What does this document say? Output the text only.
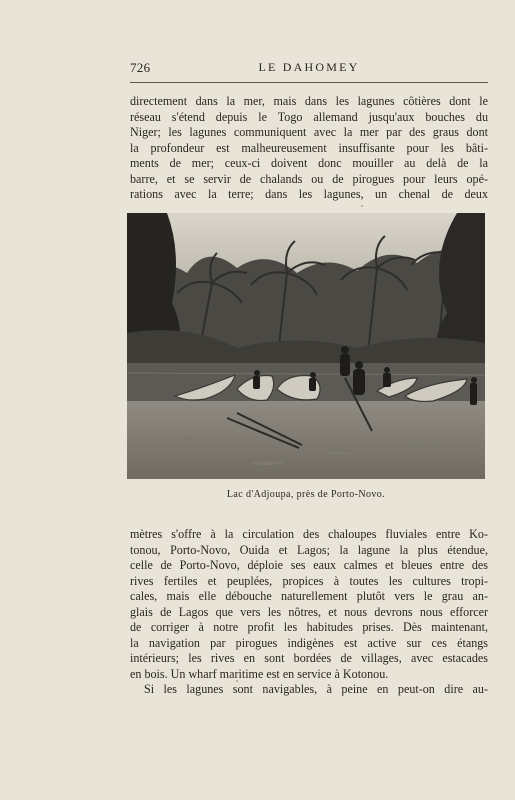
726	LE DAHOMEY
directement dans la mer, mais dans les lagunes côtières dont le
réseau s'étend depuis le Togo allemand jusqu'aux bouches du
Niger; les lagunes communiquent avec la mer par des graus dont
la profondeur est malheureusement insuffisante pour les bâti-
ments de mer; ceux-ci doivent donc mouiller au delà de la
barre, et se servir de chalands ou de pirogues pour leurs opé-
rations avec la terre; dans les lagunes, un chenal de deux
Lac d'Adjoupa, près de Porto-Novo.
mètres s'offre à la circulation des chaloupes fluviales entre Ko-
tonou, Porto-Novo, Ouida et Lagos; la lagune la plus étendue,
celle de Porto-Novo, déploie ses eaux calmes et bleues entre des
rives fertiles et peuplées, propices à toutes les cultures tropi-
cales, mais elle débouche naturellement plutôt vers le grau an-
glais de Lagos que vers les nôtres, et nous devrons nous efforcer
de corriger à notre profit les habitudes prises. Dès maintenant,
la navigation par pirogues indigènes est active sur ces étangs
intérieurs; les rives en sont bordées de villages, avec estacades
en bois. Un wharf maritime est en service à Kotonou.
Si les lagunes sont navigables, à peine en peut-on dire au-
